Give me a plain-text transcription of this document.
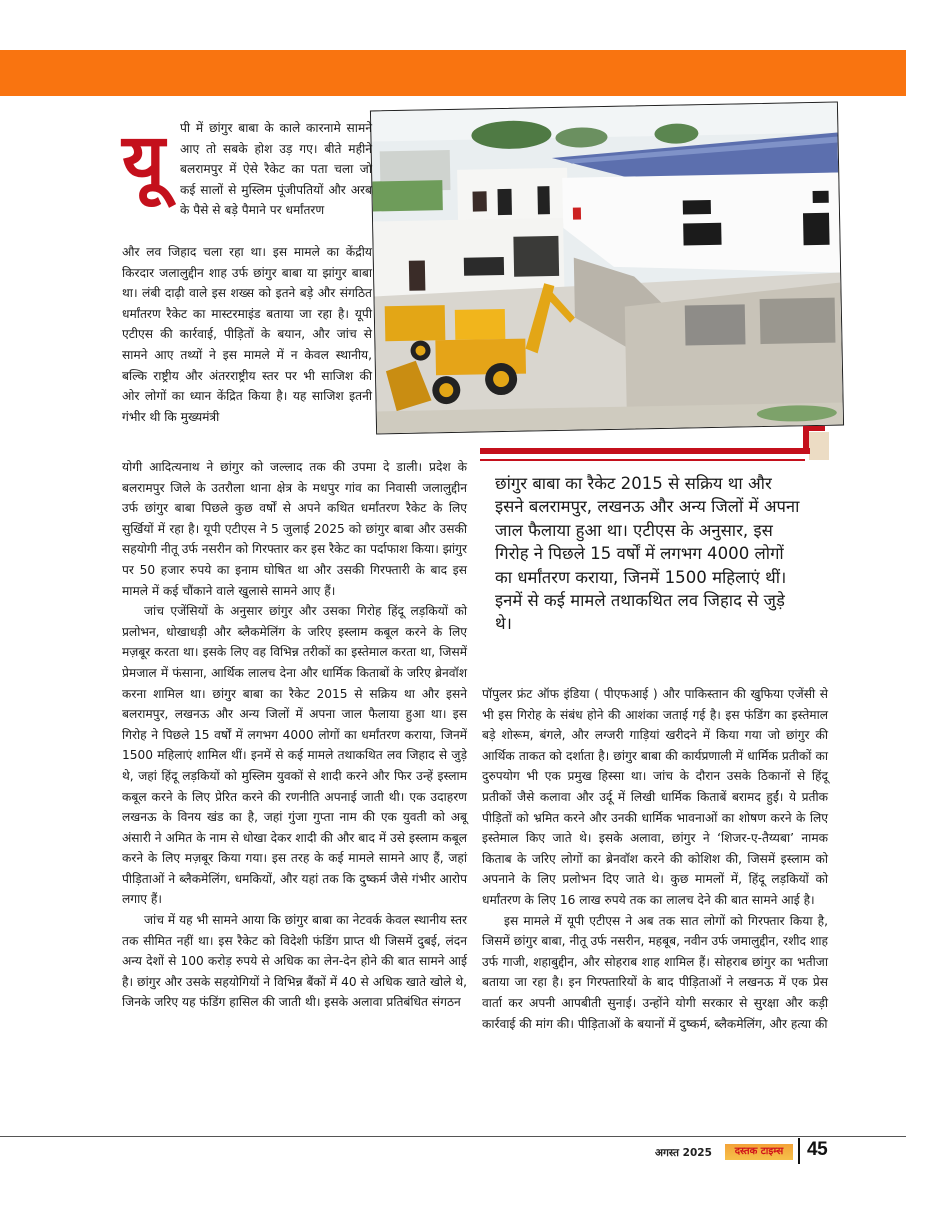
यू	पी में छांगुर बाबा के काले कारनामे सामने आए तो सबके होश उड़ गए। बीते महीने बलरामपुर में ऐसे रैकेट का पता चला जो कई सालों से मुस्लिम पूंजीपतियों और अरब के पैसे से बड़े पैमाने पर धर्मांतरण

और लव जिहाद चला रहा था। इस मामले का केंद्रीय किरदार जलालुद्दीन शाह उर्फ छांगुर बाबा या झांगुर बाबा था। लंबी दाढ़ी वाले इस शख्स को इतने बड़े और संगठित धर्मांतरण रैकेट का मास्टरमाइंड बताया जा रहा है। यूपी एटीएस की कार्रवाई, पीड़ितों के बयान, और जांच से सामने आए तथ्यों ने इस मामले में न केवल स्थानीय, बल्कि राष्ट्रीय और अंतरराष्ट्रीय स्तर पर भी साजिश की ओर लोगों का ध्यान केंद्रित किया है। यह साजिश इतनी गंभीर थी कि मुख्यमंत्री

योगी आदित्यनाथ ने छांगुर को जल्लाद तक की उपमा दे डाली। प्रदेश के बलरामपुर जिले के उतरौला थाना क्षेत्र के मधपुर गांव का निवासी जलालुद्दीन उर्फ छांगुर बाबा पिछले कुछ वर्षों से अपने कथित धर्मांतरण रैकेट के लिए सुर्खियों में रहा है। यूपी एटीएस ने 5 जुलाई 2025 को छांगुर बाबा और उसकी सहयोगी नीतू उर्फ नसरीन को गिरफ्तार कर इस रैकेट का पर्दाफाश किया। झांगुर पर 50 हजार रुपये का इनाम घोषित था और उसकी गिरफ्तारी के बाद इस मामले में कई चौंकाने वाले खुलासे सामने आए हैं।

जांच एजेंसियों के अनुसार छांगुर और उसका गिरोह हिंदू लड़कियों को प्रलोभन, धोखाधड़ी और ब्लैकमेलिंग के जरिए इस्लाम कबूल करने के लिए मज़बूर करता था। इसके लिए वह विभिन्न तरीकों का इस्तेमाल करता था, जिसमें प्रेमजाल में फंसाना, आर्थिक लालच देना और धार्मिक किताबों के जरिए ब्रेनवॉश करना शामिल था। छांगुर बाबा का रैकेट 2015 से सक्रिय था और इसने बलरामपुर, लखनऊ और अन्य जिलों में अपना जाल फैलाया हुआ था। इस गिरोह ने पिछले 15 वर्षों में लगभग 4000 लोगों का धर्मांतरण कराया, जिनमें 1500 महिलाएं शामिल थीं। इनमें से कई मामले तथाकथित लव जिहाद से जुड़े थे, जहां हिंदू लड़कियों को मुस्लिम युवकों से शादी करने और फिर उन्हें इस्लाम कबूल करने के लिए प्रेरित करने की रणनीति अपनाई जाती थी। एक उदाहरण लखनऊ के विनय खंड का है, जहां गुंजा गुप्ता नाम की एक युवती को अबू अंसारी ने अमित के नाम से धोखा देकर शादी की और बाद में उसे इस्लाम कबूल करने के लिए मज़बूर किया गया। इस तरह के कई मामले सामने आए हैं, जहां पीड़िताओं ने ब्लैकमेलिंग, धमकियों, और यहां तक कि दुष्कर्म जैसे गंभीर आरोप लगाए हैं।

जांच में यह भी सामने आया कि छांगुर बाबा का नेटवर्क केवल स्थानीय स्तर तक सीमित नहीं था। इस रैकेट को विदेशी फंडिंग प्राप्त थी जिसमें दुबई, लंदन अन्य देशों से 100 करोड़ रुपये से अधिक का लेन-देन होने की बात सामने आई है। छांगुर और उसके सहयोगियों ने विभिन्न बैंकों में 40 से अधिक खाते खोले थे, जिनके जरिए यह फंडिंग हासिल की जाती थी। इसके अलावा प्रतिबंधित संगठन

छांगुर बाबा का रैकेट 2015 से सक्रिय था और इसने बलरामपुर, लखनऊ और अन्य जिलों में अपना जाल फैलाया हुआ था। एटीएस के अनुसार, इस गिरोह ने पिछले 15 वर्षों में लगभग 4000 लोगों का धर्मांतरण कराया, जिनमें 1500 महिलाएं थीं। इनमें से कई मामले तथाकथित लव जिहाद से जुड़े थे।

पॉपुलर फ्रंट ऑफ इंडिया ( पीएफआई ) और पाकिस्तान की खुफिया एजेंसी से भी इस गिरोह के संबंध होने की आशंका जताई गई है। इस फंडिंग का इस्तेमाल बड़े शोरूम, बंगले, और लग्जरी गाड़ियां खरीदने में किया गया जो छांगुर की आर्थिक ताकत को दर्शाता है। छांगुर बाबा की कार्यप्रणाली में धार्मिक प्रतीकों का दुरुपयोग भी एक प्रमुख हिस्सा था। जांच के दौरान उसके ठिकानों से हिंदू प्रतीकों जैसे कलावा और उर्दू में लिखी धार्मिक किताबें बरामद हुईं। ये प्रतीक पीड़ितों को भ्रमित करने और उनकी धार्मिक भावनाओं का शोषण करने के लिए इस्तेमाल किए जाते थे। इसके अलावा, छांगुर ने ‘शिजर-ए-तैय्यबा’ नामक किताब के जरिए लोगों का ब्रेनवॉश करने की कोशिश की, जिसमें इस्लाम को अपनाने के लिए प्रलोभन दिए जाते थे। कुछ मामलों में, हिंदू लड़कियों को धर्मांतरण के लिए 16 लाख रुपये तक का लालच देने की बात सामने आई है।

इस मामले में यूपी एटीएस ने अब तक सात लोगों को गिरफ्तार किया है, जिसमें छांगुर बाबा, नीतू उर्फ नसरीन, महबूब, नवीन उर्फ जमालुद्दीन, रशीद शाह उर्फ गाजी, शहाबुद्दीन, और सोहराब शाह शामिल हैं। सोहराब छांगुर का भतीजा बताया जा रहा है। इन गिरफ्तारियों के बाद पीड़िताओं ने लखनऊ में एक प्रेस वार्ता कर अपनी आपबीती सुनाई। उन्होंने योगी सरकार से सुरक्षा और कड़ी कार्रवाई की मांग की। पीड़िताओं के बयानों में दुष्कर्म, ब्लैकमेलिंग, और हत्या की

अगस्त 2025	दस्तक टाइम्स	45
